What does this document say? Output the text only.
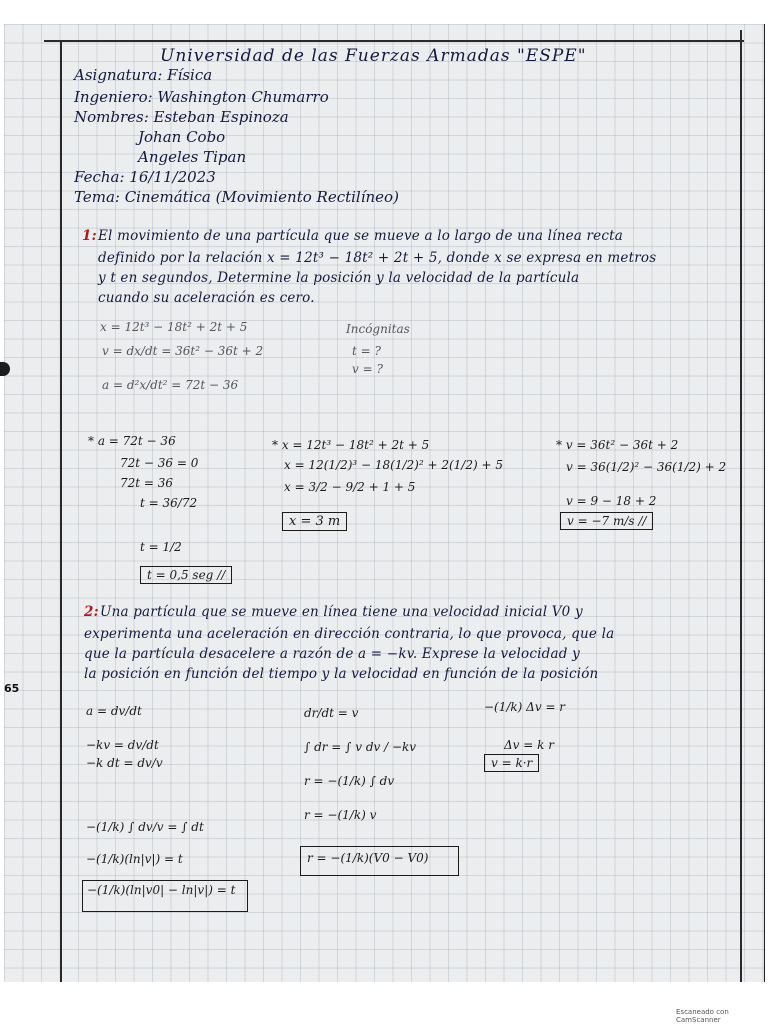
65
Universidad de las Fuerzas Armadas "ESPE"
Asignatura: Física
Ingeniero: Washington Chumarro
Nombres: Esteban Espinoza
Johan Cobo
Angeles Tipan
Fecha: 16/11/2023
Tema: Cinemática (Movimiento Rectilíneo)
1: El movimiento de una partícula que se mueve a lo largo de una línea recta
definido por la relación x = 12t³ − 18t² + 2t + 5, donde x se expresa en metros
y t en segundos, Determine la posición y la velocidad de la partícula
cuando su aceleración es cero.
x = 12t³ − 18t² + 2t + 5
v = dx/dt = 36t² − 36t + 2
a = d²x/dt² = 72t − 36
Incógnitas
t = ?
v = ?
* a = 72t − 36
72t − 36 = 0
72t = 36
t = 36/72
t = 1/2
t = 0,5 seg //
* x = 12t³ − 18t² + 2t + 5
x = 12(1/2)³ − 18(1/2)² + 2(1/2) + 5
x = 3/2 − 9/2 + 1 + 5
x = 3 m
* v = 36t² − 36t + 2
v = 36(1/2)² − 36(1/2) + 2
v = 9 − 18 + 2
v = −7 m/s //
2: Una partícula que se mueve en línea tiene una velocidad inicial V0 y
experimenta una aceleración en dirección contraria, lo que provoca, que la
que la partícula desacelere a razón de a = −kv. Exprese la velocidad y
la posición en función del tiempo y la velocidad en función de la posición
a = dv/dt
−kv = dv/dt
−k dt = dv/v
−(1/k) ∫ dv/v = ∫ dt
−(1/k)(ln|v|) = t
−(1/k)(ln|v0| − ln|v|) = t
dr/dt = v
∫ dr = ∫ v dv / −kv
r = −(1/k) ∫ dv
r = −(1/k) v
r = −(1/k)(V0 − V0)
−(1/k) Δv = r
Δv = k r
v = k·r
Escaneado con CamScanner
